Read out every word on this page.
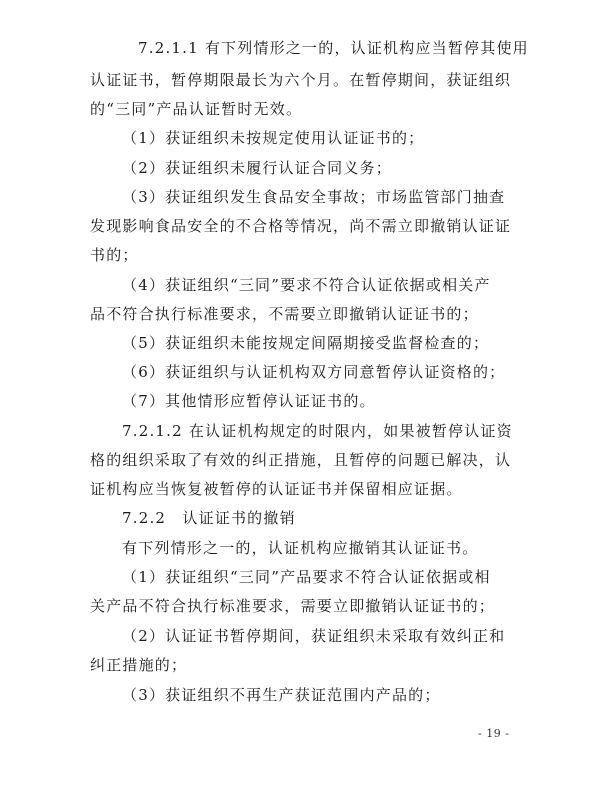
7.2.1.1 有下列情形之一的，认证机构应当暂停其使用
认证证书，暂停期限最长为六个月。在暂停期间，获证组织
的“三同”产品认证暂时无效。
（1）获证组织未按规定使用认证证书的；
（2）获证组织未履行认证合同义务；
（3）获证组织发生食品安全事故；市场监管部门抽查
发现影响食品安全的不合格等情况，尚不需立即撤销认证证
书的；
（4）获证组织“三同”要求不符合认证依据或相关产
品不符合执行标准要求，不需要立即撤销认证证书的；
（5）获证组织未能按规定间隔期接受监督检查的；
（6）获证组织与认证机构双方同意暂停认证资格的；
（7）其他情形应暂停认证证书的。
7.2.1.2 在认证机构规定的时限内，如果被暂停认证资
格的组织采取了有效的纠正措施，且暂停的问题已解决，认
证机构应当恢复被暂停的认证证书并保留相应证据。
7.2.2　认证证书的撤销
有下列情形之一的，认证机构应撤销其认证证书。
（1）获证组织“三同”产品要求不符合认证依据或相
关产品不符合执行标准要求，需要立即撤销认证证书的；
（2）认证证书暂停期间，获证组织未采取有效纠正和
纠正措施的；
（3）获证组织不再生产获证范围内产品的；
- 19 -
